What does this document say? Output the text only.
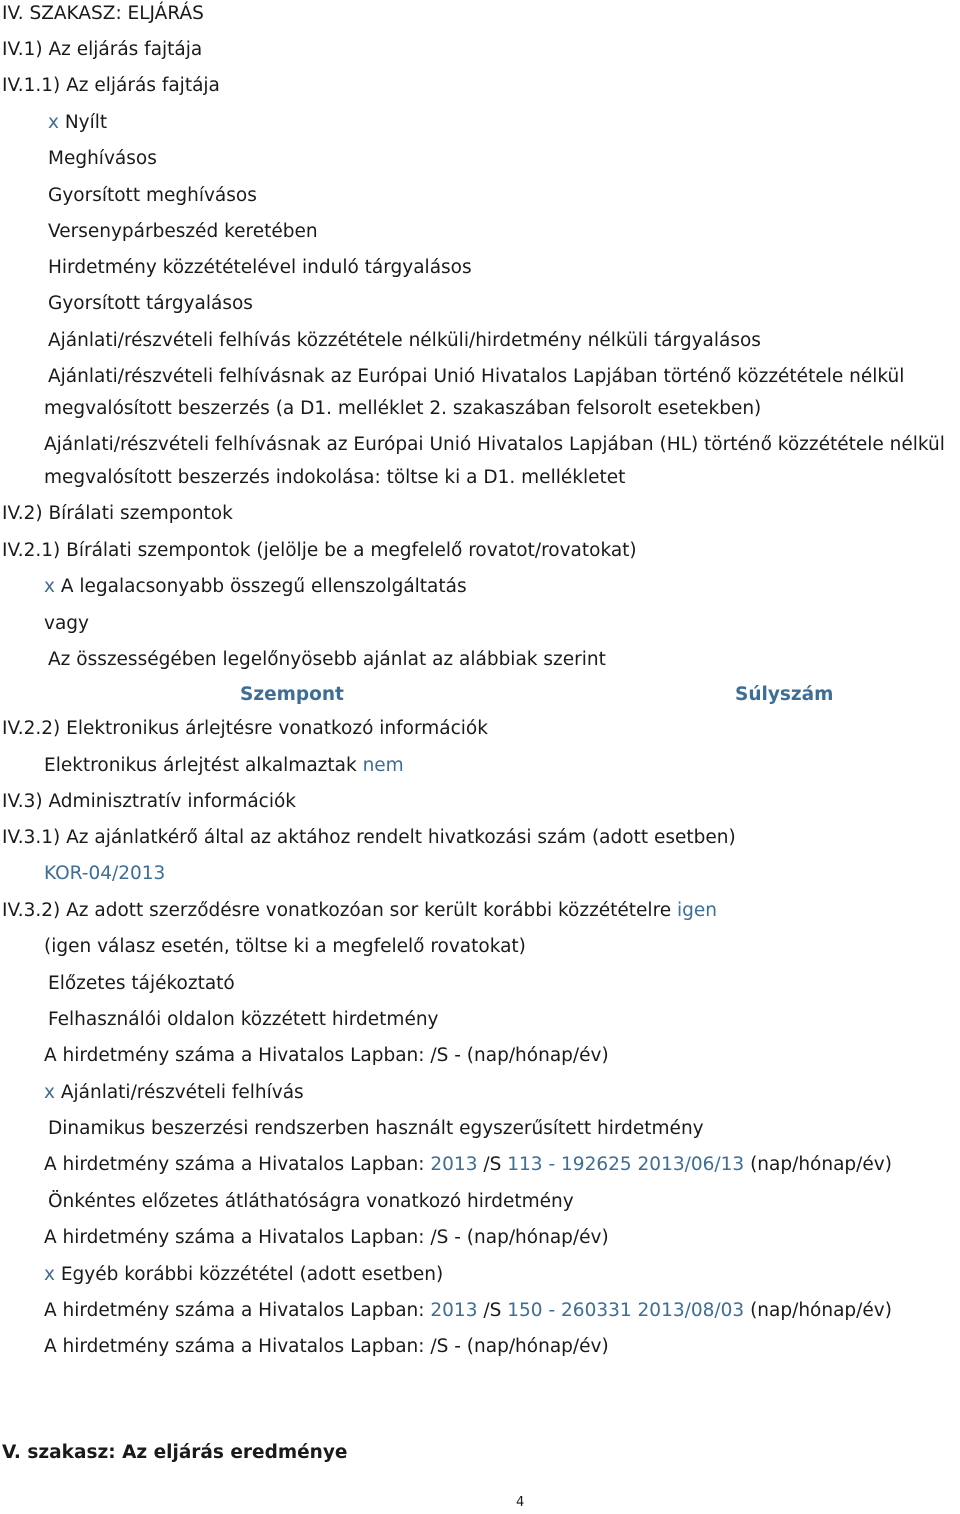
IV. SZAKASZ: ELJÁRÁS
IV.1) Az eljárás fajtája
IV.1.1) Az eljárás fajtája
x Nyílt
Meghívásos
Gyorsított meghívásos
Versenypárbeszéd keretében
Hirdetmény közzétételével induló tárgyalásos
Gyorsított tárgyalásos
Ajánlati/részvételi felhívás közzététele nélküli/hirdetmény nélküli tárgyalásos
Ajánlati/részvételi felhívásnak az Európai Unió Hivatalos Lapjában történő közzététele nélkül
megvalósított beszerzés (a D1. melléklet 2. szakaszában felsorolt esetekben)
Ajánlati/részvételi felhívásnak az Európai Unió Hivatalos Lapjában (HL) történő közzététele nélkül
megvalósított beszerzés indokolása: töltse ki a D1. mellékletet
IV.2) Bírálati szempontok
IV.2.1) Bírálati szempontok (jelölje be a megfelelő rovatot/rovatokat)
x A legalacsonyabb összegű ellenszolgáltatás
vagy
Az összességében legelőnyösebb ajánlat az alábbiak szerint
Szempont	Súlyszám
IV.2.2) Elektronikus árlejtésre vonatkozó információk
Elektronikus árlejtést alkalmaztak nem
IV.3) Adminisztratív információk
IV.3.1) Az ajánlatkérő által az aktához rendelt hivatkozási szám (adott esetben)
KOR-04/2013
IV.3.2) Az adott szerződésre vonatkozóan sor került korábbi közzétételre igen
(igen válasz esetén, töltse ki a megfelelő rovatokat)
Előzetes tájékoztató
Felhasználói oldalon közzétett hirdetmény
A hirdetmény száma a Hivatalos Lapban: /S - (nap/hónap/év)
x Ajánlati/részvételi felhívás
Dinamikus beszerzési rendszerben használt egyszerűsített hirdetmény
A hirdetmény száma a Hivatalos Lapban: 2013 /S 113 - 192625 2013/06/13 (nap/hónap/év)
Önkéntes előzetes átláthatóságra vonatkozó hirdetmény
A hirdetmény száma a Hivatalos Lapban: /S - (nap/hónap/év)
x Egyéb korábbi közzététel (adott esetben)
A hirdetmény száma a Hivatalos Lapban: 2013 /S 150 - 260331 2013/08/03 (nap/hónap/év)
A hirdetmény száma a Hivatalos Lapban: /S - (nap/hónap/év)
V. szakasz: Az eljárás eredménye
4
